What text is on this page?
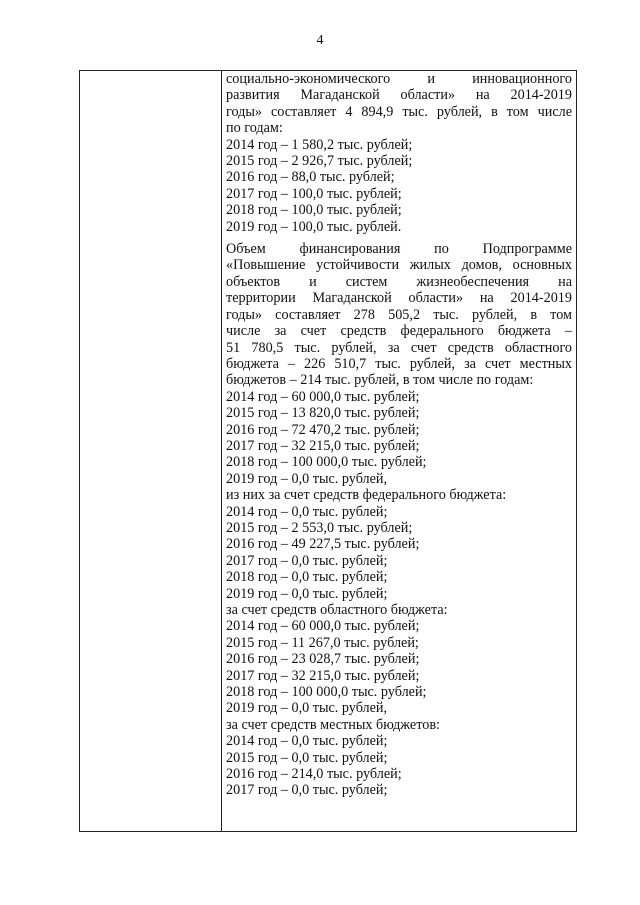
4
социально-экономического и инновационного
развития Магаданской области» на 2014-2019
годы» составляет 4 894,9 тыс. рублей, в том числе
по годам:
2014 год – 1 580,2 тыс. рублей;
2015 год – 2 926,7 тыс. рублей;
2016 год – 88,0 тыс. рублей;
2017 год – 100,0 тыс. рублей;
2018 год – 100,0 тыс. рублей;
2019 год – 100,0 тыс. рублей.
Объем финансирования по Подпрограмме
«Повышение устойчивости жилых домов, основных
объектов и систем жизнеобеспечения на
территории Магаданской области» на 2014-2019
годы» составляет 278 505,2 тыс. рублей, в том
числе за счет средств федерального бюджета –
51 780,5 тыс. рублей, за счет средств областного
бюджета – 226 510,7 тыс. рублей, за счет местных
бюджетов – 214 тыс. рублей, в том числе по годам:
2014 год – 60 000,0 тыс. рублей;
2015 год – 13 820,0 тыс. рублей;
2016 год – 72 470,2 тыс. рублей;
2017 год – 32 215,0 тыс. рублей;
2018 год – 100 000,0 тыс. рублей;
2019 год – 0,0 тыс. рублей,
из них за счет средств федерального бюджета:
2014 год – 0,0 тыс. рублей;
2015 год – 2 553,0 тыс. рублей;
2016 год – 49 227,5 тыс. рублей;
2017 год – 0,0 тыс. рублей;
2018 год – 0,0 тыс. рублей;
2019 год – 0,0 тыс. рублей;
за счет средств областного бюджета:
2014 год – 60 000,0 тыс. рублей;
2015 год – 11 267,0 тыс. рублей;
2016 год – 23 028,7 тыс. рублей;
2017 год – 32 215,0 тыс. рублей;
2018 год – 100 000,0 тыс. рублей;
2019 год – 0,0 тыс. рублей,
за счет средств местных бюджетов:
2014 год – 0,0 тыс. рублей;
2015 год – 0,0 тыс. рублей;
2016 год – 214,0 тыс. рублей;
2017 год – 0,0 тыс. рублей;
